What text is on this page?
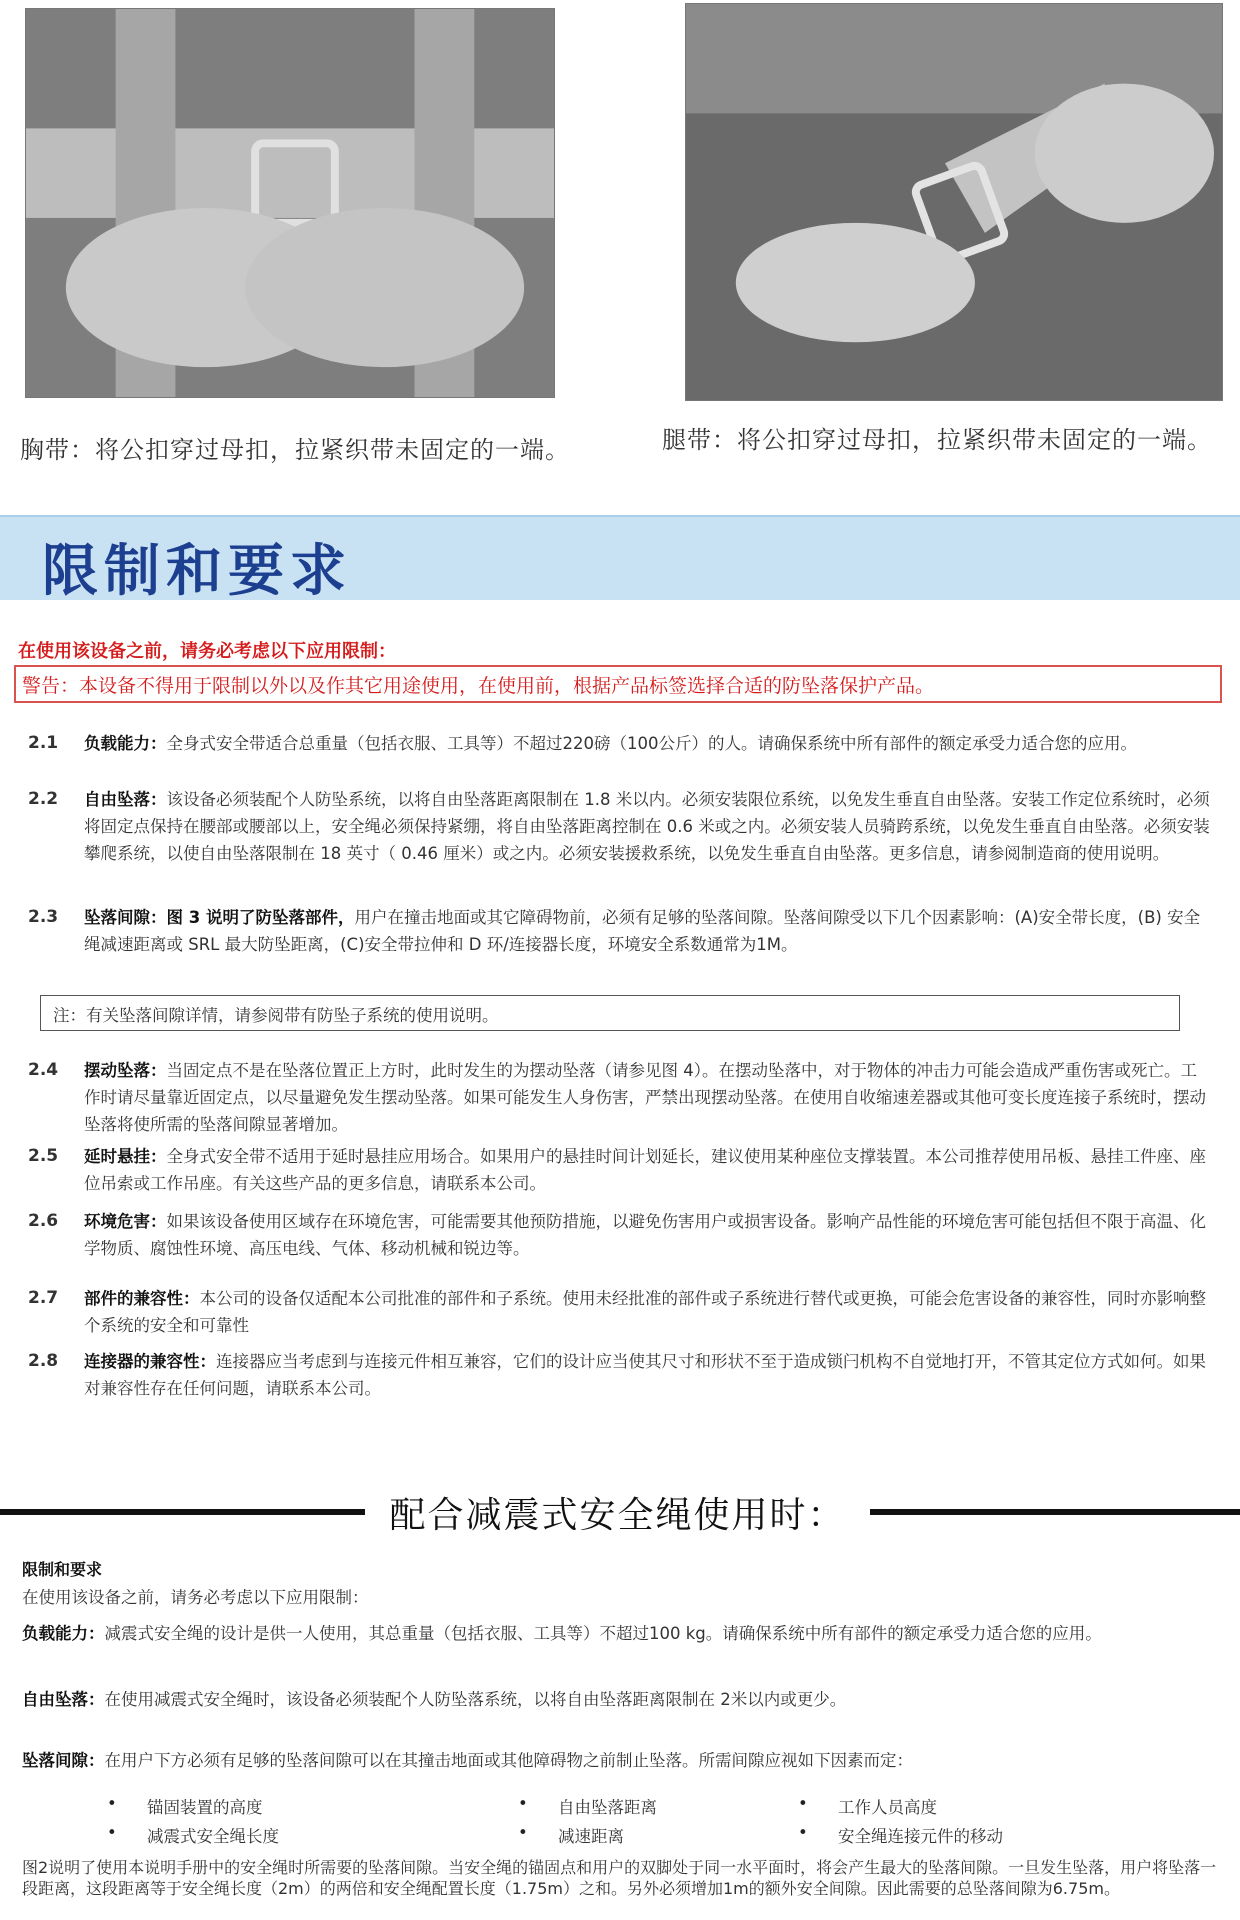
胸带：将公扣穿过母扣，拉紧织带未固定的一端。	腿带：将公扣穿过母扣，拉紧织带未固定的一端。
限制和要求
在使用该设备之前，请务必考虑以下应用限制：
警告：本设备不得用于限制以外以及作其它用途使用，在使用前，根据产品标签选择合适的防坠落保护产品。
2.1 负载能力：全身式安全带适合总重量（包括衣服、工具等）不超过220磅（100公斤）的人。请确保系统中所有部件的额定承受力适合您的应用。
2.2 自由坠落：该设备必须装配个人防坠系统，以将自由坠落距离限制在 1.8 米以内。必须安装限位系统，以免发生垂直自由坠落。安装工作定位系统时，必须将固定点保持在腰部或腰部以上，安全绳必须保持紧绷，将自由坠落距离控制在 0.6 米或之内。必须安装人员骑跨系统，以免发生垂直自由坠落。必须安装攀爬系统，以使自由坠落限制在 18 英寸（ 0.46 厘米）或之内。必须安装援救系统，以免发生垂直自由坠落。更多信息，请参阅制造商的使用说明。
2.3 坠落间隙：图 3 说明了防坠落部件，用户在撞击地面或其它障碍物前，必须有足够的坠落间隙。坠落间隙受以下几个因素影响：(A)安全带长度，(B) 安全绳减速距离或 SRL 最大防坠距离，(C)安全带拉伸和 D 环/连接器长度，环境安全系数通常为1M。
注：有关坠落间隙详情，请参阅带有防坠子系统的使用说明。
2.4 摆动坠落：当固定点不是在坠落位置正上方时，此时发生的为摆动坠落（请参见图 4）。在摆动坠落中，对于物体的冲击力可能会造成严重伤害或死亡。工作时请尽量靠近固定点，以尽量避免发生摆动坠落。如果可能发生人身伤害，严禁出现摆动坠落。在使用自收缩速差器或其他可变长度连接子系统时，摆动坠落将使所需的坠落间隙显著增加。
2.5 延时悬挂：全身式安全带不适用于延时悬挂应用场合。如果用户的悬挂时间计划延长，建议使用某种座位支撑装置。本公司推荐使用吊板、悬挂工件座、座位吊索或工作吊座。有关这些产品的更多信息，请联系本公司。
2.6 环境危害：如果该设备使用区域存在环境危害，可能需要其他预防措施，以避免伤害用户或损害设备。影响产品性能的环境危害可能包括但不限于高温、化学物质、腐蚀性环境、高压电线、气体、移动机械和锐边等。
2.7 部件的兼容性：本公司的设备仅适配本公司批准的部件和子系统。使用未经批准的部件或子系统进行替代或更换，可能会危害设备的兼容性，同时亦影响整个系统的安全和可靠性
2.8 连接器的兼容性：连接器应当考虑到与连接元件相互兼容，它们的设计应当使其尺寸和形状不至于造成锁闩机构不自觉地打开，不管其定位方式如何。如果对兼容性存在任何问题，请联系本公司。
配合减震式安全绳使用时：
限制和要求
在使用该设备之前，请务必考虑以下应用限制：
负载能力：减震式安全绳的设计是供一人使用，其总重量（包括衣服、工具等）不超过100 kg。请确保系统中所有部件的额定承受力适合您的应用。
自由坠落：在使用减震式安全绳时，该设备必须装配个人防坠落系统，以将自由坠落距离限制在 2米以内或更少。
坠落间隙：在用户下方必须有足够的坠落间隙可以在其撞击地面或其他障碍物之前制止坠落。所需间隙应视如下因素而定：
• 锚固装置的高度	• 自由坠落距离	• 工作人员高度
• 减震式安全绳长度	• 减速距离	• 安全绳连接元件的移动
图2说明了使用本说明手册中的安全绳时所需要的坠落间隙。当安全绳的锚固点和用户的双脚处于同一水平面时，将会产生最大的坠落间隙。一旦发生坠落，用户将坠落一段距离，这段距离等于安全绳长度（2m）的两倍和安全绳配置长度（1.75m）之和。另外必须增加1m的额外安全间隙。因此需要的总坠落间隙为6.75m。
